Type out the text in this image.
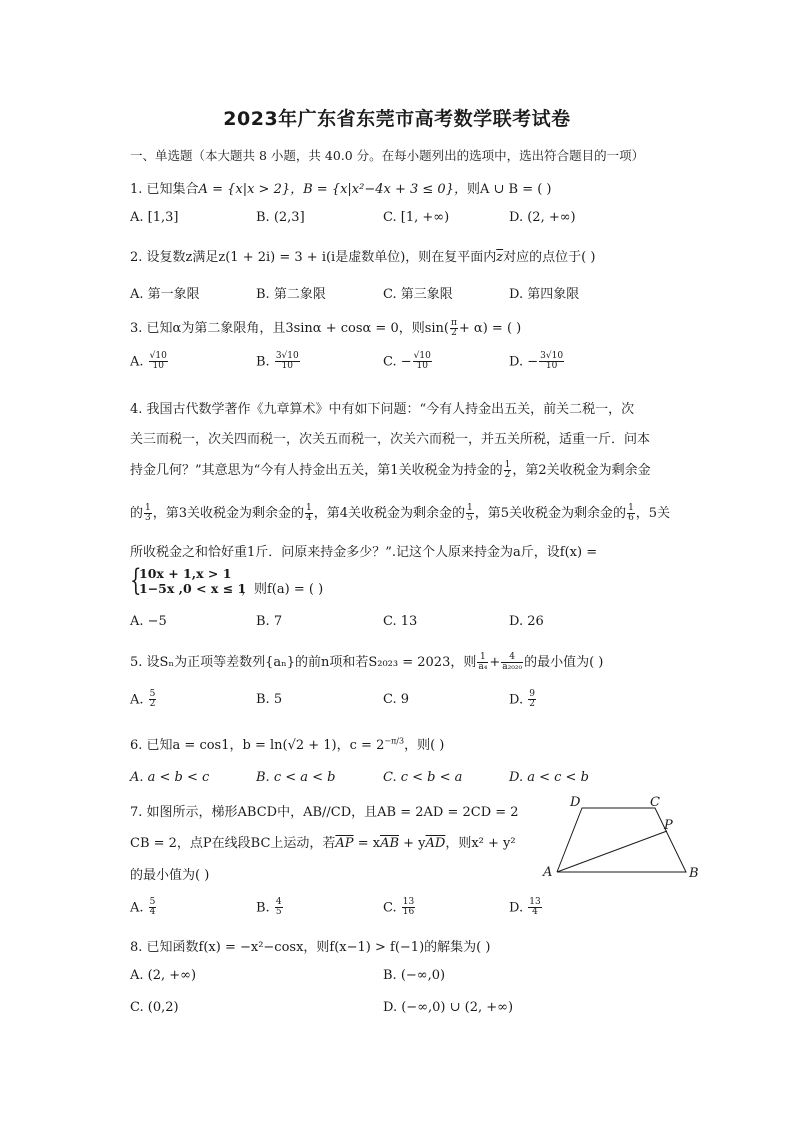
2023年广东省东莞市高考数学联考试卷
一、单选题（本大题共 8 小题，共 40.0 分。在每小题列出的选项中，选出符合题目的一项）
1. 已知集合A = {x|x > 2}，B = {x|x²−4x + 3 ≤ 0}，则A ∪ B = ( )
A. [1,3]	B. (2,3]	C. [1, +∞)	D. (2, +∞)
2. 设复数z满足z(1 + 2i) = 3 + i(i是虚数单位)，则在复平面内$\overline{z}$对应的点位于( )
A. 第一象限	B. 第二象限	C. 第三象限	D. 第四象限
3. 已知α为第二象限角，且3sinα + cosα = 0，则$\sin( \frac{\pi}{2} + \alpha)$ = ( )
A. $\frac{√10}{10}$	B. $\frac{3√10}{10}$	C. − $\frac{√10}{10}$	D. − $\frac{3√10}{10}$
4. 我国古代数学著作《九章算术》中有如下问题：“今有人持金出五关，前关二税一，次
关三而税一，次关四而税一，次关五而税一，次关六而税一，并五关所税，适重一斤．问本
持金几何？”其意思为“今有人持金出五关，第1关收税金为持金的 $\frac{1}{2}$ ，第2关收税金为剩余金
的 $\frac{1}{3}$ ，第3关收税金为剩余金的 $\frac{1}{4}$ ，第4关收税金为剩余金的 $\frac{1}{5}$ ，第5关收税金为剩余金的 $\frac{1}{6}$ ，5关
所收税金之和恰好重1斤．问原来持金多少？”.记这个人原来持金为a斤，设f(x) =
{
10x + 1,x > 1
1−5x ,0 < x ≤ 1
，则f(a) = ( )
A. −5	B. 7	C. 13	D. 26
5. 设Sₙ为正项等差数列{aₙ}的前n项和若S₂₀₂₃ = 2023，则 $\frac{1}{\text{a₄}} + \frac{4}{\text{a₂₀₂₀}}$ 的最小值为( )
A. $\frac{5}{2}$	B. 5	C. 9	D. $\frac{9}{2}$
6. 已知a = cos1，b = ln(√2 + 1)，$c = 2^{-\pi/3}$，则( )
A. a < b < c	B. c < a < b	C. c < b < a	D. a < c < b
7. 如图所示，梯形ABCD中，AB//CD，且AB = 2AD = 2CD = 2
CB = 2，点P在线段BC上运动，若$\overline{AP} = x\overline{AB} + y\overline{AD}$，则x² + y²
的最小值为( )	A	B
C
D
P
A. $\frac{5}{4}$	B. $\frac{4}{5}$	C. $\frac{13}{16}$	D. $\frac{13}{4}$
8. 已知函数f(x) = −x²−cosx，则f(x−1) > f(−1)的解集为( )
A. (2, +∞)	B. (−∞,0)
C. (0,2)	D. (−∞,0) ∪ (2, +∞)
